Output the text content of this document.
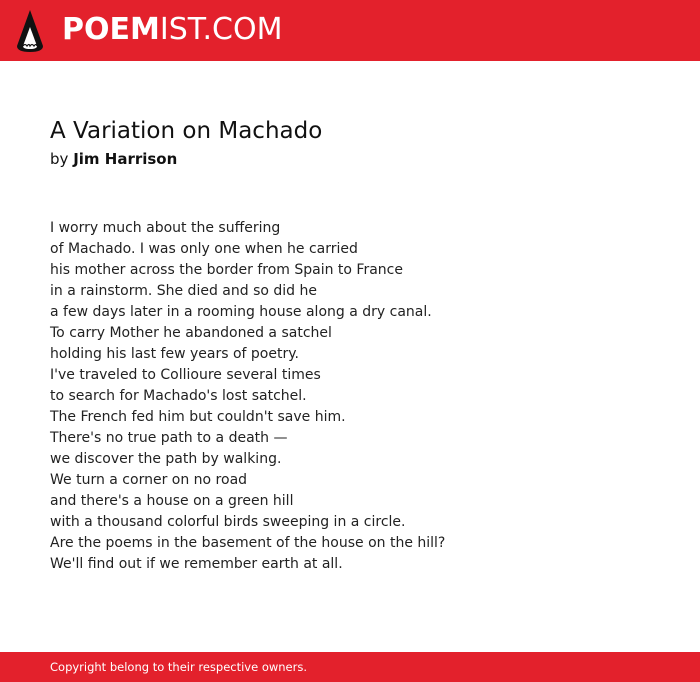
POEMIST.COM
A Variation on Machado
by Jim Harrison
I worry much about the suffering
of Machado. I was only one when he carried
his mother across the border from Spain to France
in a rainstorm. She died and so did he
a few days later in a rooming house along a dry canal.
To carry Mother he abandoned a satchel
holding his last few years of poetry.
I've traveled to Collioure several times
to search for Machado's lost satchel.
The French fed him but couldn't save him.
There's no true path to a death —
we discover the path by walking.
We turn a corner on no road
and there's a house on a green hill
with a thousand colorful birds sweeping in a circle.
Are the poems in the basement of the house on the hill?
We'll find out if we remember earth at all.
Copyright belong to their respective owners.
